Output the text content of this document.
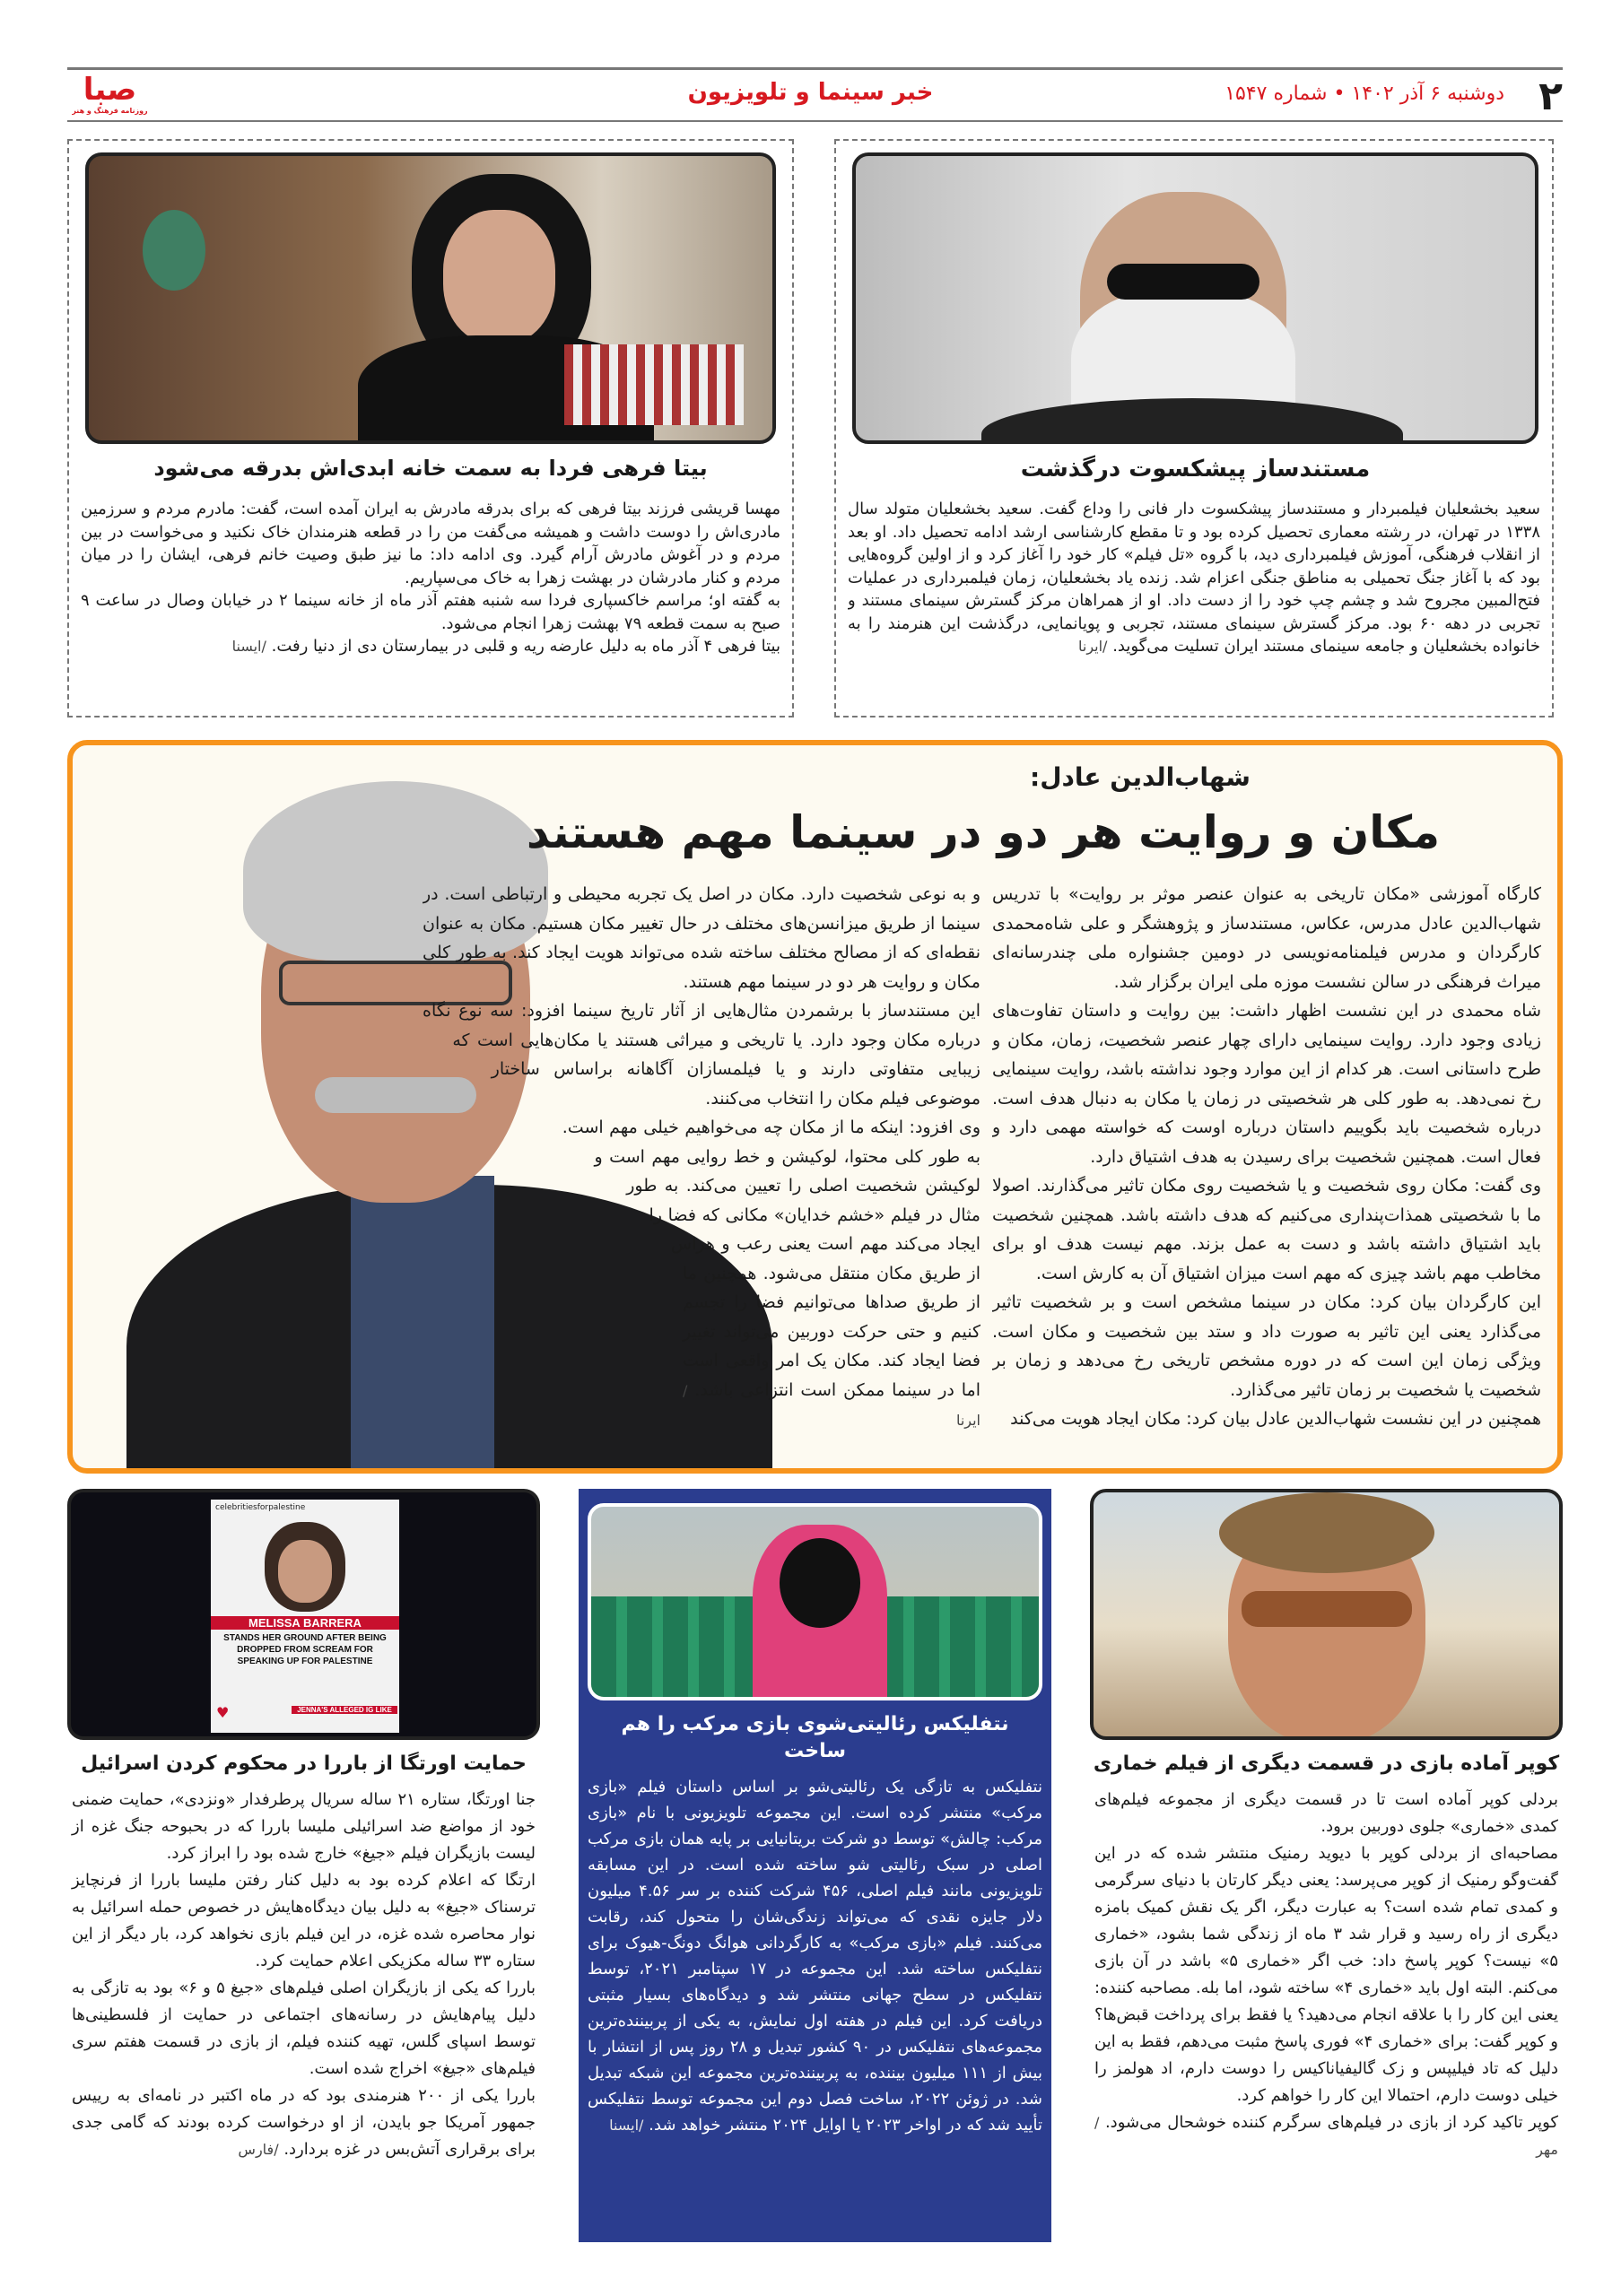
۲
دوشنبه ۶ آذر ۱۴۰۲ • شماره ۱۵۴۷
خبر سینما و تلویزیون
صبا
روزنامه فرهنگ و هنر
مستندساز پیشکسوت درگذشت

سعید بخشعلیان فیلمبردار و مستندساز پیشکسوت دار فانی را وداع گفت. سعید بخشعلیان متولد سال ۱۳۳۸ در تهران، در رشته معماری تحصیل کرده بود و تا مقطع کارشناسی ارشد ادامه تحصیل داد. او بعد از انقلاب فرهنگی، آموزش فیلمبرداری دید، با گروه «تل فیلم» کار خود را آغاز کرد و از اولین گروه‌هایی بود که با آغاز جنگ تحمیلی به مناطق جنگی اعزام شد. زنده یاد بخشعلیان، زمان فیلمبرداری در عملیات فتح‌المبین مجروح شد و چشم چپ خود را از دست داد. او از همراهان مرکز گسترش سینمای مستند و تجربی در دهه ۶۰ بود. مرکز گسترش سینمای مستند، تجربی و پویانمایی، درگذشت این هنرمند را به خانواده بخشعلیان و جامعه سینمای مستند ایران تسلیت می‌گوید. /ایرنا

بیتا فرهی فردا به سمت خانه ابدی‌اش بدرقه می‌شود

مهسا قریشی فرزند بیتا فرهی که برای بدرقه مادرش به ایران آمده است، گفت: مادرم مردم و سرزمین مادری‌اش را دوست داشت و همیشه می‌گفت من را در قطعه هنرمندان خاک نکنید و می‌خواست در بین مردم و در آغوش مادرش آرام گیرد. وی ادامه داد: ما نیز طبق وصیت خانم فرهی، ایشان را در میان مردم و کنار مادرشان در بهشت زهرا به خاک می‌سپاریم.

به گفته او؛ مراسم خاکسپاری فردا سه شنبه هفتم آذر ماه از خانه سینما ۲ در خیابان وصال در ساعت ۹ صبح به سمت قطعه ۷۹ بهشت زهرا انجام می‌شود.

بیتا فرهی ۴ آذر ماه به دلیل عارضه ریه و قلبی در بیمارستان دی از دنیا رفت. /ایسنا

شهاب‌الدین عادل:
مکان و روایت هر دو در سینما مهم هستند

کارگاه آموزشی «مکان تاریخی به عنوان عنصر موثر بر روایت» با تدریس شهاب‌الدین عادل مدرس، عکاس، مستندساز و پژوهشگر و علی شاه‌محمدی کارگردان و مدرس فیلمنامه‌نویسی در دومین جشنواره ملی چندرسانه‌ای میراث فرهنگی در سالن نشست موزه ملی ایران برگزار شد.

شاه محمدی در این نشست اظهار داشت: بین روایت و داستان تفاوت‌های زیادی وجود دارد. روایت سینمایی دارای چهار عنصر شخصیت، زمان، مکان و طرح داستانی است. هر کدام از این موارد وجود نداشته باشد، روایت سینمایی رخ نمی‌دهد. به طور کلی هر شخصیتی در زمان یا مکان به دنبال هدف است. درباره شخصیت باید بگوییم داستان درباره اوست که خواسته مهمی دارد و فعال است. همچنین شخصیت برای رسیدن به هدف اشتیاق دارد.

وی گفت: مکان روی شخصیت و یا شخصیت روی مکان تاثیر می‌گذارند. اصولا ما با شخصیتی همذات‌پنداری می‌کنیم که هدف داشته باشد. همچنین شخصیت باید اشتیاق داشته باشد و دست به عمل بزند. مهم نیست هدف او برای مخاطب مهم باشد چیزی که مهم است میزان اشتیاق آن به کارش است.

این کارگردان بیان کرد: مکان در سینما مشخص است و بر شخصیت تاثیر می‌گذارد یعنی این تاثیر به صورت داد و ستد بین شخصیت و مکان است. ویژگی زمان این است که در دوره مشخص تاریخی رخ می‌دهد و زمان بر شخصیت یا شخصیت بر زمان تاثیر می‌گذارد.

همچنین در این نشست شهاب‌الدین عادل بیان کرد: مکان ایجاد هویت می‌کند

و به نوعی شخصیت دارد. مکان در اصل یک تجربه محیطی و ارتباطی است. در سینما از طریق میزانسن‌های مختلف در حال تغییر مکان هستیم. مکان به عنوان نقطه‌ای که از مصالح مختلف ساخته شده می‌تواند هویت ایجاد کند. به طور کلی مکان و روایت هر دو در سینما مهم هستند.

این مستندساز با برشمردن مثال‌هایی از آثار تاریخ سینما افزود: سه نوع نگاه درباره مکان وجود دارد. یا تاریخی و میراثی هستند یا مکان‌هایی است که زیبایی متفاوتی دارند و یا فیلمسازان آگاهانه براساس ساختار موضوعی فیلم مکان را انتخاب می‌کنند.

وی افزود: اینکه ما از مکان چه می‌خواهیم خیلی مهم است. به طور کلی محتوا، لوکیشن و خط روایی مهم است و لوکیشن شخصیت اصلی را تعیین می‌کند. به طور مثال در فیلم «خشم خدایان» مکانی که فضا را ایجاد می‌کند مهم است یعنی رعب و هراس از طریق مکان منتقل می‌شود. همچنین ما از طریق صداها می‌توانیم فضا را تجسم کنیم و حتی حرکت دوربین می‌تواند تغییر فضا ایجاد کند. مکان یک امر واقعی است اما در سینما ممکن است انتزاعی باشد. /ایرنا

کوپر آماده بازی در قسمت دیگری از فیلم خماری

بردلی کوپر آماده است تا در قسمت دیگری از مجموعه فیلم‌های کمدی «خماری» جلوی دوربین برود.

مصاحبه‌ای از بردلی کوپر با دیوید رمنیک منتشر شده که در این گفت‌وگو رمنیک از کوپر می‌پرسد: یعنی دیگر کارتان با دنیای سرگرمی و کمدی تمام شده است؟ به عبارت دیگر، اگر یک نقش کمیک بامزه دیگری از راه رسید و قرار شد ۳ ماه از زندگی شما بشود، «خماری ۵» نیست؟ کوپر پاسخ داد: خب اگر «خماری ۵» باشد در آن بازی می‌کنم. البته اول باید «خماری ۴» ساخته شود، اما بله. مصاحبه کننده: یعنی این کار را با علاقه انجام می‌دهید؟ یا فقط برای پرداخت قبض‌ها؟ و کوپر گفت: برای «خماری ۴» فوری پاسخ مثبت می‌دهم، فقط به این دلیل که تاد فیلیپس و زک گالیفیاناکیس را دوست دارم، اد هولمز را خیلی دوست دارم، احتمالا این کار را خواهم کرد.

کوپر تاکید کرد از بازی در فیلم‌های سرگرم کننده خوشحال می‌شود. /مهر

نتفلیکس رئالیتی‌شوی بازی مرکب را هم ساخت

نتفلیکس به تازگی یک رئالیتی‌شو بر اساس داستان فیلم «بازی مرکب» منتشر کرده است. این مجموعه تلویزیونی با نام «بازی مرکب: چالش» توسط دو شرکت بریتانیایی بر پایه همان بازی مرکب اصلی در سبک رئالیتی شو ساخته شده است. در این مسابقه تلویزیونی مانند فیلم اصلی، ۴۵۶ شرکت کننده بر سر ۴.۵۶ میلیون دلار جایزه نقدی که می‌تواند زندگی‌شان را متحول کند، رقابت می‌کنند. فیلم «بازی مرکب» به کارگردانی هوانگ دونگ-هیوک برای نتفلیکس ساخته شد. این مجموعه در ۱۷ سپتامبر ۲۰۲۱، توسط نتفلیکس در سطح جهانی منتشر شد و دیدگاه‌های بسیار مثبتی دریافت کرد. این فیلم در هفته اول نمایش، به یکی از پربیننده‌ترین مجموعه‌های نتفلیکس در ۹۰ کشور تبدیل و ۲۸ روز پس از انتشار با بیش از ۱۱۱ میلیون بیننده، به پربیننده‌ترین مجموعه این شبکه تبدیل شد. در ژوئن ۲۰۲۲، ساخت فصل دوم این مجموعه توسط نتفلیکس تأیید شد که در اواخر ۲۰۲۳ یا اوایل ۲۰۲۴ منتشر خواهد شد. /ایسنا

celebritiesforpalestine
MELISSA BARRERA
STANDS HER GROUND AFTER BEING DROPPED FROM SCREAM FOR SPEAKING UP FOR PALESTINE
JENNA'S ALLEGED IG LIKE
♥
حمایت اورتگا از باررا در محکوم کردن اسرائیل

جنا اورتگا، ستاره ۲۱ ساله سریال پرطرفدار «ونزدی»، حمایت ضمنی خود از مواضع ضد اسرائیلی ملیسا باررا که در بحبوحه جنگ غزه از لیست بازیگران فیلم «جیغ» خارج شده بود را ابراز کرد.

ارتگا که اعلام کرده بود به دلیل کنار رفتن ملیسا باررا از فرنچایز ترسناک «جیغ» به دلیل بیان دیدگاه‌هایش در خصوص حمله اسرائیل به نوار محاصره شده غزه، در این فیلم بازی نخواهد کرد، بار دیگر از این ستاره ۳۳ ساله مکزیکی اعلام حمایت کرد.

باررا که یکی از بازیگران اصلی فیلم‌های «جیغ ۵ و ۶» بود به تازگی به دلیل پیام‌هایش در رسانه‌های اجتماعی در حمایت از فلسطینی‌ها توسط اسپای گلس، تهیه کننده فیلم، از بازی در قسمت هفتم سری فیلم‌های «جیغ» اخراج شده است.

باررا یکی از ۲۰۰ هنرمندی بود که در ماه اکتبر در نامه‌ای به رییس جمهور آمریکا جو بایدن، از او درخواست کرده بودند که گامی جدی برای برقراری آتش‌بس در غزه بردارد. /فارس
